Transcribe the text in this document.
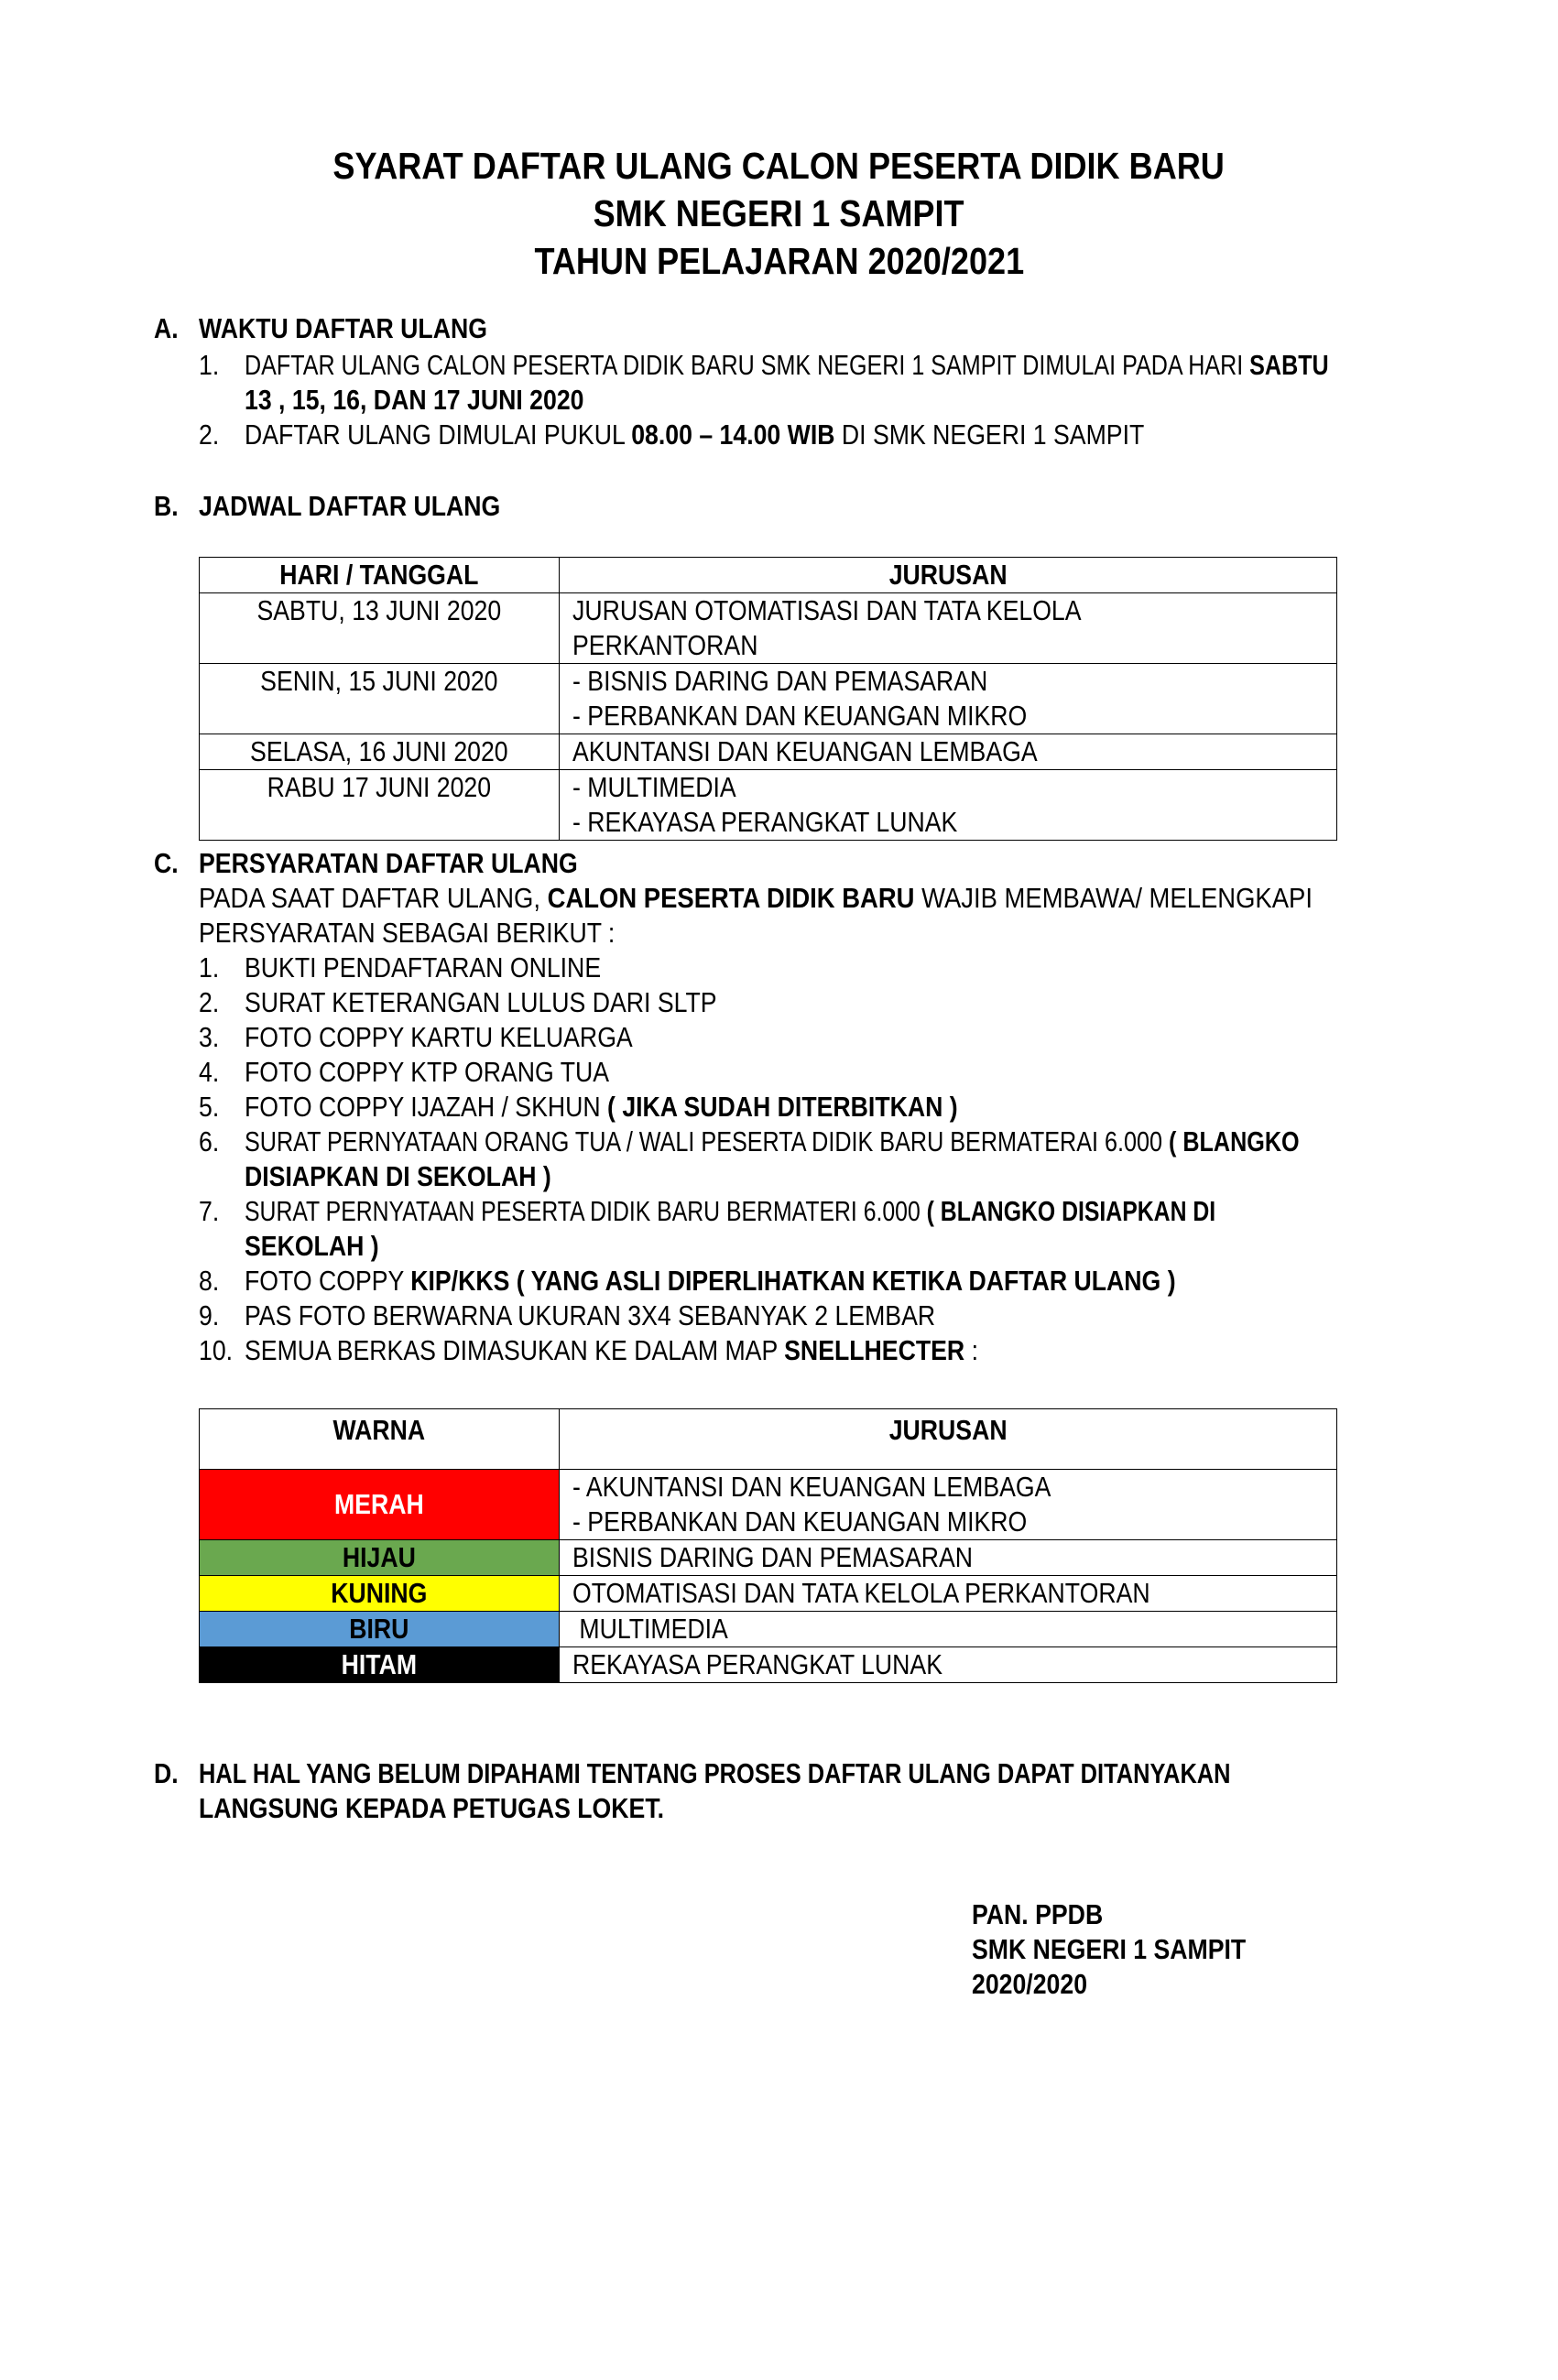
SYARAT DAFTAR ULANG CALON PESERTA DIDIK BARU
SMK NEGERI 1 SAMPIT
TAHUN PELAJARAN 2020/2021
A. WAKTU DAFTAR ULANG
1. DAFTAR ULANG CALON PESERTA DIDIK BARU SMK NEGERI 1 SAMPIT DIMULAI PADA HARI SABTU
13 , 15, 16, DAN 17 JUNI 2020
2. DAFTAR ULANG DIMULAI PUKUL 08.00 – 14.00 WIB DI SMK NEGERI 1 SAMPIT
B. JADWAL DAFTAR ULANG
HARI / TANGGAL	JURUSAN

SABTU, 13 JUNI 2020	JURUSAN OTOMATISASI DAN TATA KELOLA PERKANTORAN

SENIN, 15 JUNI 2020	- BISNIS DARING DAN PEMASARAN
- PERBANKAN DAN KEUANGAN MIKRO

SELASA, 16 JUNI 2020	AKUNTANSI DAN KEUANGAN LEMBAGA

RABU 17 JUNI 2020	- MULTIMEDIA
- REKAYASA PERANGKAT LUNAK
C. PERSYARATAN DAFTAR ULANG
PADA SAAT DAFTAR ULANG, CALON PESERTA DIDIK BARU WAJIB MEMBAWA/ MELENGKAPI
PERSYARATAN SEBAGAI BERIKUT :
1. BUKTI PENDAFTARAN ONLINE
2. SURAT KETERANGAN LULUS DARI SLTP
3. FOTO COPPY KARTU KELUARGA
4. FOTO COPPY KTP ORANG TUA
5. FOTO COPPY IJAZAH / SKHUN ( JIKA SUDAH DITERBITKAN )
6. SURAT PERNYATAAN ORANG TUA / WALI PESERTA DIDIK BARU BERMATERAI 6.000 ( BLANGKO
DISIAPKAN DI SEKOLAH )
7. SURAT PERNYATAAN PESERTA DIDIK BARU BERMATERI 6.000 ( BLANGKO DISIAPKAN DI
SEKOLAH )
8. FOTO COPPY KIP/KKS ( YANG ASLI DIPERLIHATKAN KETIKA DAFTAR ULANG )
9. PAS FOTO BERWARNA UKURAN 3X4 SEBANYAK 2 LEMBAR
10. SEMUA BERKAS DIMASUKAN KE DALAM MAP SNELLHECTER :
WARNA	JURUSAN

MERAH	- AKUNTANSI DAN KEUANGAN LEMBAGA
- PERBANKAN DAN KEUANGAN MIKRO

HIJAU	BISNIS DARING DAN PEMASARAN

KUNING	OTOMATISASI DAN TATA KELOLA PERKANTORAN

BIRU	MULTIMEDIA

HITAM	REKAYASA PERANGKAT LUNAK
D. HAL HAL YANG BELUM DIPAHAMI TENTANG PROSES DAFTAR ULANG DAPAT DITANYAKAN
LANGSUNG KEPADA PETUGAS LOKET.
PAN. PPDB
SMK NEGERI 1 SAMPIT
2020/2020
